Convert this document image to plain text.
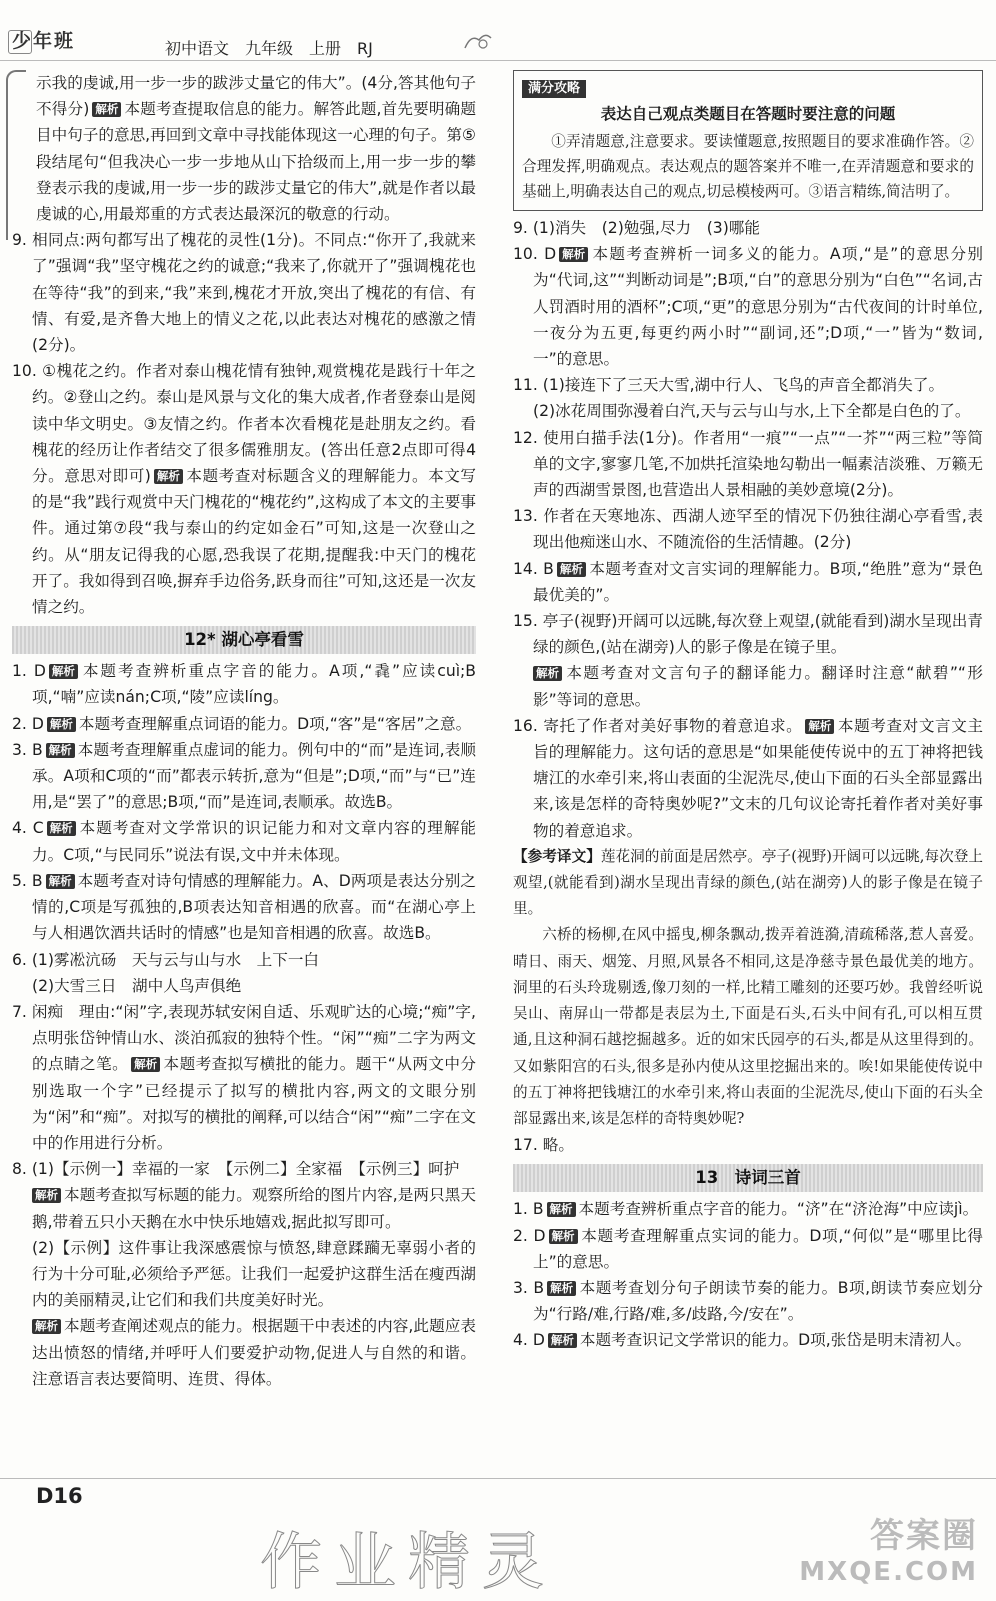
少年班	初中语文　九年级　上册　RJ

示我的虔诚,用一步一步的跋涉丈量它的伟大”。(4分,答其他句子不得分) 解析 本题考查提取信息的能力。解答此题,首先要明确题目中句子的意思,再回到文章中寻找能体现这一心理的句子。第⑤段结尾句“但我决心一步一步地从山下拾级而上,用一步一步的攀登表示我的虔诚,用一步一步的跋涉丈量它的伟大”,就是作者以最虔诚的心,用最郑重的方式表达最深沉的敬意的行动。

9. 相同点:两句都写出了槐花的灵性(1分)。不同点:“你开了,我就来了”强调“我”坚守槐花之约的诚意;“我来了,你就开了”强调槐花也在等待“我”的到来,“我”来到,槐花才开放,突出了槐花的有信、有情、有爱,是齐鲁大地上的情义之花,以此表达对槐花的感激之情(2分)。

10. ①槐花之约。作者对泰山槐花情有独钟,观赏槐花是践行十年之约。②登山之约。泰山是风景与文化的集大成者,作者登泰山是阅读中华文明史。③友情之约。作者本次看槐花是赴朋友之约。看槐花的经历让作者结交了很多儒雅朋友。(答出任意2点即可得4分。意思对即可) 解析 本题考查对标题含义的理解能力。本文写的是“我”践行观赏中天门槐花的“槐花约”,这构成了本文的主要事件。通过第⑦段“我与泰山的约定如金石”可知,这是一次登山之约。从“朋友记得我的心愿,恐我误了花期,提醒我:中天门的槐花开了。我如得到召唤,摒弃手边俗务,跃身而往”可知,这还是一次友情之约。

12* 湖心亭看雪

1. D 解析 本题考查辨析重点字音的能力。A项,“毳”应读cuì;B项,“喃”应读nán;C项,“陵”应读líng。

2. D 解析 本题考查理解重点词语的能力。D项,“客”是“客居”之意。

3. B 解析 本题考查理解重点虚词的能力。例句中的“而”是连词,表顺承。A项和C项的“而”都表示转折,意为“但是”;D项,“而”与“已”连用,是“罢了”的意思;B项,“而”是连词,表顺承。故选B。

4. C 解析 本题考查对文学常识的识记能力和对文章内容的理解能力。C项,“与民同乐”说法有误,文中并未体现。

5. B 解析 本题考查对诗句情感的理解能力。A、D两项是表达分别之情的,C项是写孤独的,B项表达知音相遇的欣喜。而“在湖心亭上与人相遇饮酒共话时的情感”也是知音相遇的欣喜。故选B。

6. (1)雾凇沆砀　天与云与山与水　上下一白

(2)大雪三日　湖中人鸟声俱绝

7. 闲痴　理由:“闲”字,表现苏轼安闲自适、乐观旷达的心境;“痴”字,点明张岱钟情山水、淡泊孤寂的独特个性。“闲”“痴”二字为两文的点睛之笔。 解析 本题考查拟写横批的能力。题干“从两文中分别选取一个字”已经提示了拟写的横批内容,两文的文眼分别为“闲”和“痴”。对拟写的横批的阐释,可以结合“闲”“痴”二字在文中的作用进行分析。

8. (1)【示例一】幸福的一家　【示例二】全家福　【示例三】呵护

解析 本题考查拟写标题的能力。观察所给的图片内容,是两只黑天鹅,带着五只小天鹅在水中快乐地嬉戏,据此拟写即可。

(2)【示例】这件事让我深感震惊与愤怒,肆意蹂躏无辜弱小者的行为十分可耻,必须给予严惩。让我们一起爱护这群生活在瘦西湖内的美丽精灵,让它们和我们共度美好时光。

解析 本题考查阐述观点的能力。根据题干中表述的内容,此题应表达出愤怒的情绪,并呼吁人们要爱护动物,促进人与自然的和谐。注意语言表达要简明、连贯、得体。

满分攻略
表达自己观点类题目在答题时要注意的问题
①弄清题意,注意要求。要读懂题意,按照题目的要求准确作答。②合理发挥,明确观点。表达观点的题答案并不唯一,在弄清题意和要求的基础上,明确表达自己的观点,切忌模棱两可。③语言精练,简洁明了。

9. (1)消失　(2)勉强,尽力　(3)哪能

10. D 解析 本题考查辨析一词多义的能力。A项,“是”的意思分别为“代词,这”“判断动词是”;B项,“白”的意思分别为“白色”“名词,古人罚酒时用的酒杯”;C项,“更”的意思分别为“古代夜间的计时单位,一夜分为五更,每更约两小时”“副词,还”;D项,“一”皆为“数词,一”的意思。

11. (1)接连下了三天大雪,湖中行人、飞鸟的声音全都消失了。

(2)冰花周围弥漫着白汽,天与云与山与水,上下全都是白色的了。

12. 使用白描手法(1分)。作者用“一痕”“一点”“一芥”“两三粒”等简单的文字,寥寥几笔,不加烘托渲染地勾勒出一幅素洁淡雅、万籁无声的西湖雪景图,也营造出人景相融的美妙意境(2分)。

13. 作者在天寒地冻、西湖人迹罕至的情况下仍独往湖心亭看雪,表现出他痴迷山水、不随流俗的生活情趣。(2分)

14. B 解析 本题考查对文言实词的理解能力。B项,“绝胜”意为“景色最优美的”。

15. 亭子(视野)开阔可以远眺,每次登上观望,(就能看到)湖水呈现出青绿的颜色,(站在湖旁)人的影子像是在镜子里。

解析 本题考查对文言句子的翻译能力。翻译时注意“献碧”“形影”等词的意思。

16. 寄托了作者对美好事物的着意追求。 解析 本题考查对文言文主旨的理解能力。这句话的意思是“如果能使传说中的五丁神将把钱塘江的水牵引来,将山表面的尘泥洗尽,使山下面的石头全部显露出来,该是怎样的奇特奥妙呢?”文末的几句议论寄托着作者对美好事物的着意追求。

【参考译文】莲花洞的前面是居然亭。亭子(视野)开阔可以远眺,每次登上观望,(就能看到)湖水呈现出青绿的颜色,(站在湖旁)人的影子像是在镜子里。

六桥的杨柳,在风中摇曳,柳条飘动,拨弄着涟漪,清疏稀落,惹人喜爱。晴日、雨天、烟笼、月照,风景各不相同,这是净慈寺景色最优美的地方。洞里的石头玲珑剔透,像刀刻的一样,比精工雕刻的还要巧妙。我曾经听说吴山、南屏山一带都是表层为土,下面是石头,石头中间有孔,可以相互贯通,且这种洞石越挖掘越多。近的如宋氏园亭的石头,都是从这里得到的。又如紫阳宫的石头,很多是孙内使从这里挖掘出来的。唉!如果能使传说中的五丁神将把钱塘江的水牵引来,将山表面的尘泥洗尽,使山下面的石头全部显露出来,该是怎样的奇特奥妙呢?

17. 略。

13　诗词三首

1. B 解析 本题考查辨析重点字音的能力。“济”在“济沧海”中应读jì。

2. D 解析 本题考查理解重点实词的能力。D项,“何似”是“哪里比得上”的意思。

3. B 解析 本题考查划分句子朗读节奏的能力。B项,朗读节奏应划分为“行路/难,行路/难,多/歧路,今/安在”。

4. D 解析 本题考查识记文学常识的能力。D项,张岱是明末清初人。

D16
作业精灵	答案圈
MXQE.COM
